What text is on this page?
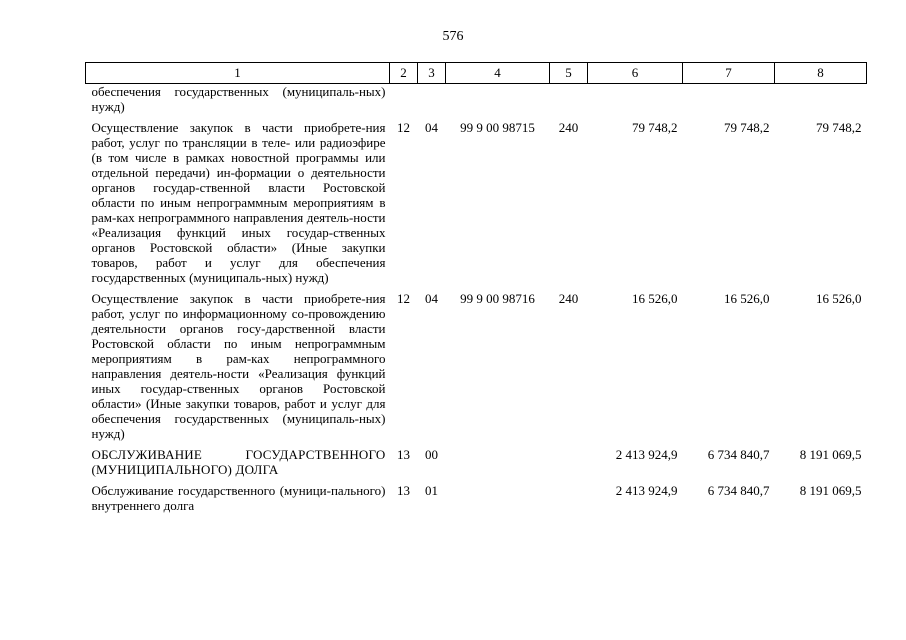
576
1	2	3	4	5	6	7	8
обеспечения государственных (муниципаль-ных) нужд)							
Осуществление закупок в части приобрете-ния работ, услуг по трансляции в теле- или радиоэфире (в том числе в рамках новостной программы или отдельной передачи) ин-формации о деятельности органов государ-ственной власти Ростовской области по иным непрограммным мероприятиям в рам-ках непрограммного направления деятель-ности «Реализация функций иных государ-ственных органов Ростовской области» (Иные закупки товаров, работ и услуг для обеспечения государственных (муниципаль-ных) нужд)	12	04	99 9 00 98715	240	79 748,2	79 748,2	79 748,2
Осуществление закупок в части приобрете-ния работ, услуг по информационному со-провождению деятельности органов госу-дарственной власти Ростовской области по иным непрограммным мероприятиям в рам-ках непрограммного направления деятель-ности «Реализация функций иных государ-ственных органов Ростовской области» (Иные закупки товаров, работ и услуг для обеспечения государственных (муниципаль-ных) нужд)	12	04	99 9 00 98716	240	16 526,0	16 526,0	16 526,0
ОБСЛУЖИВАНИЕ ГОСУДАРСТВЕННОГО (МУНИЦИПАЛЬНОГО) ДОЛГА	13	00			2 413 924,9	6 734 840,7	8 191 069,5
Обслуживание государственного (муници-пального) внутреннего долга	13	01			2 413 924,9	6 734 840,7	8 191 069,5
